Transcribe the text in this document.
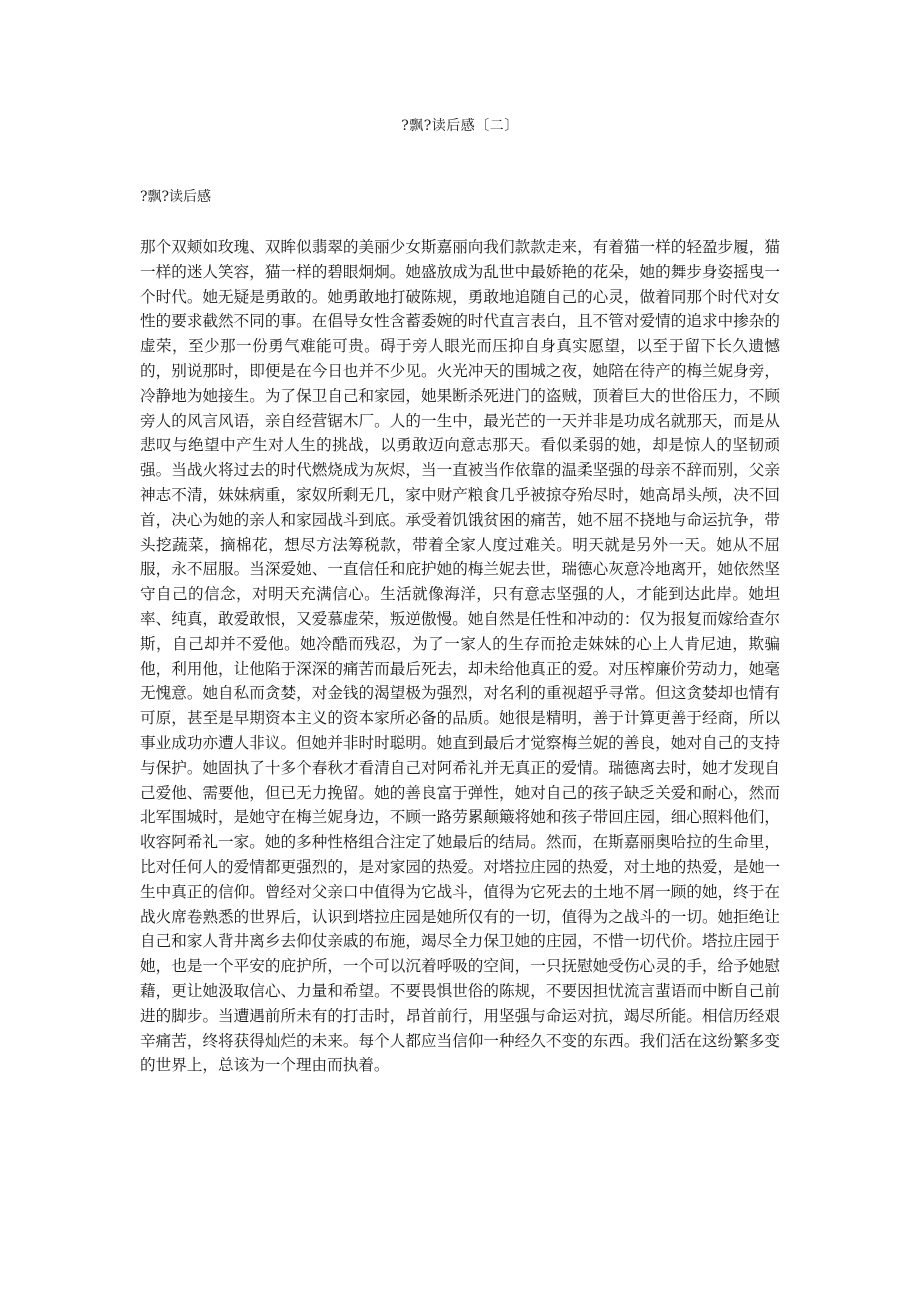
?飘?读后感〔二〕
?飘?读后感

那个双颊如玫瑰、双眸似翡翠的美丽少女斯嘉丽向我们款款走来，有着猫一样的轻盈步履，猫一样的迷人笑容，猫一样的碧眼炯炯。她盛放成为乱世中最娇艳的花朵，她的舞步身姿摇曳一个时代。她无疑是勇敢的。她勇敢地打破陈规，勇敢地追随自己的心灵，做着同那个时代对女性的要求截然不同的事。在倡导女性含蓄委婉的时代直言表白，且不管对爱情的追求中掺杂的虚荣，至少那一份勇气难能可贵。碍于旁人眼光而压抑自身真实愿望，以至于留下长久遗憾的，别说那时，即便是在今日也并不少见。火光冲天的围城之夜，她陪在待产的梅兰妮身旁，冷静地为她接生。为了保卫自己和家园，她果断杀死进门的盗贼，顶着巨大的世俗压力，不顾旁人的风言风语，亲自经营锯木厂。人的一生中，最光芒的一天并非是功成名就那天，而是从悲叹与绝望中产生对人生的挑战，以勇敢迈向意志那天。看似柔弱的她，却是惊人的坚韧顽强。当战火将过去的时代燃烧成为灰烬，当一直被当作依靠的温柔坚强的母亲不辞而别，父亲神志不清，妹妹病重，家奴所剩无几，家中财产粮食几乎被掠夺殆尽时，她高昂头颅，决不回首，决心为她的亲人和家园战斗到底。承受着饥饿贫困的痛苦，她不屈不挠地与命运抗争，带头挖蔬菜，摘棉花，想尽方法筹税款，带着全家人度过难关。明天就是另外一天。她从不屈服，永不屈服。当深爱她、一直信任和庇护她的梅兰妮去世，瑞德心灰意冷地离开，她依然坚守自己的信念，对明天充满信心。生活就像海洋，只有意志坚强的人，才能到达此岸。她坦率、纯真，敢爱敢恨，又爱慕虚荣，叛逆傲慢。她自然是任性和冲动的：仅为报复而嫁给查尔斯，自己却并不爱他。她冷酷而残忍，为了一家人的生存而抢走妹妹的心上人肯尼迪，欺骗他，利用他，让他陷于深深的痛苦而最后死去，却未给他真正的爱。对压榨廉价劳动力，她毫无愧意。她自私而贪婪，对金钱的渴望极为强烈，对名利的重视超乎寻常。但这贪婪却也情有可原，甚至是早期资本主义的资本家所必备的品质。她很是精明，善于计算更善于经商，所以事业成功亦遭人非议。但她并非时时聪明。她直到最后才觉察梅兰妮的善良，她对自己的支持与保护。她固执了十多个春秋才看清自己对阿希礼并无真正的爱情。瑞德离去时，她才发现自己爱他、需要他，但已无力挽留。她的善良富于弹性，她对自己的孩子缺乏关爱和耐心，然而北军围城时，是她守在梅兰妮身边，不顾一路劳累颠簸将她和孩子带回庄园，细心照料他们，收容阿希礼一家。她的多种性格组合注定了她最后的结局。然而，在斯嘉丽奥哈拉的生命里，比对任何人的爱情都更强烈的，是对家园的热爱。对塔拉庄园的热爱，对土地的热爱，是她一生中真正的信仰。曾经对父亲口中值得为它战斗，值得为它死去的土地不屑一顾的她，终于在战火席卷熟悉的世界后，认识到塔拉庄园是她所仅有的一切，值得为之战斗的一切。她拒绝让自己和家人背井离乡去仰仗亲戚的布施，竭尽全力保卫她的庄园，不惜一切代价。塔拉庄园于她，也是一个平安的庇护所，一个可以沉着呼吸的空间，一只抚慰她受伤心灵的手，给予她慰藉，更让她汲取信心、力量和希望。不要畏惧世俗的陈规，不要因担忧流言蜚语而中断自己前进的脚步。当遭遇前所未有的打击时，昂首前行，用坚强与命运对抗，竭尽所能。相信历经艰辛痛苦，终将获得灿烂的未来。每个人都应当信仰一种经久不变的东西。我们活在这纷繁多变的世界上，总该为一个理由而执着。
